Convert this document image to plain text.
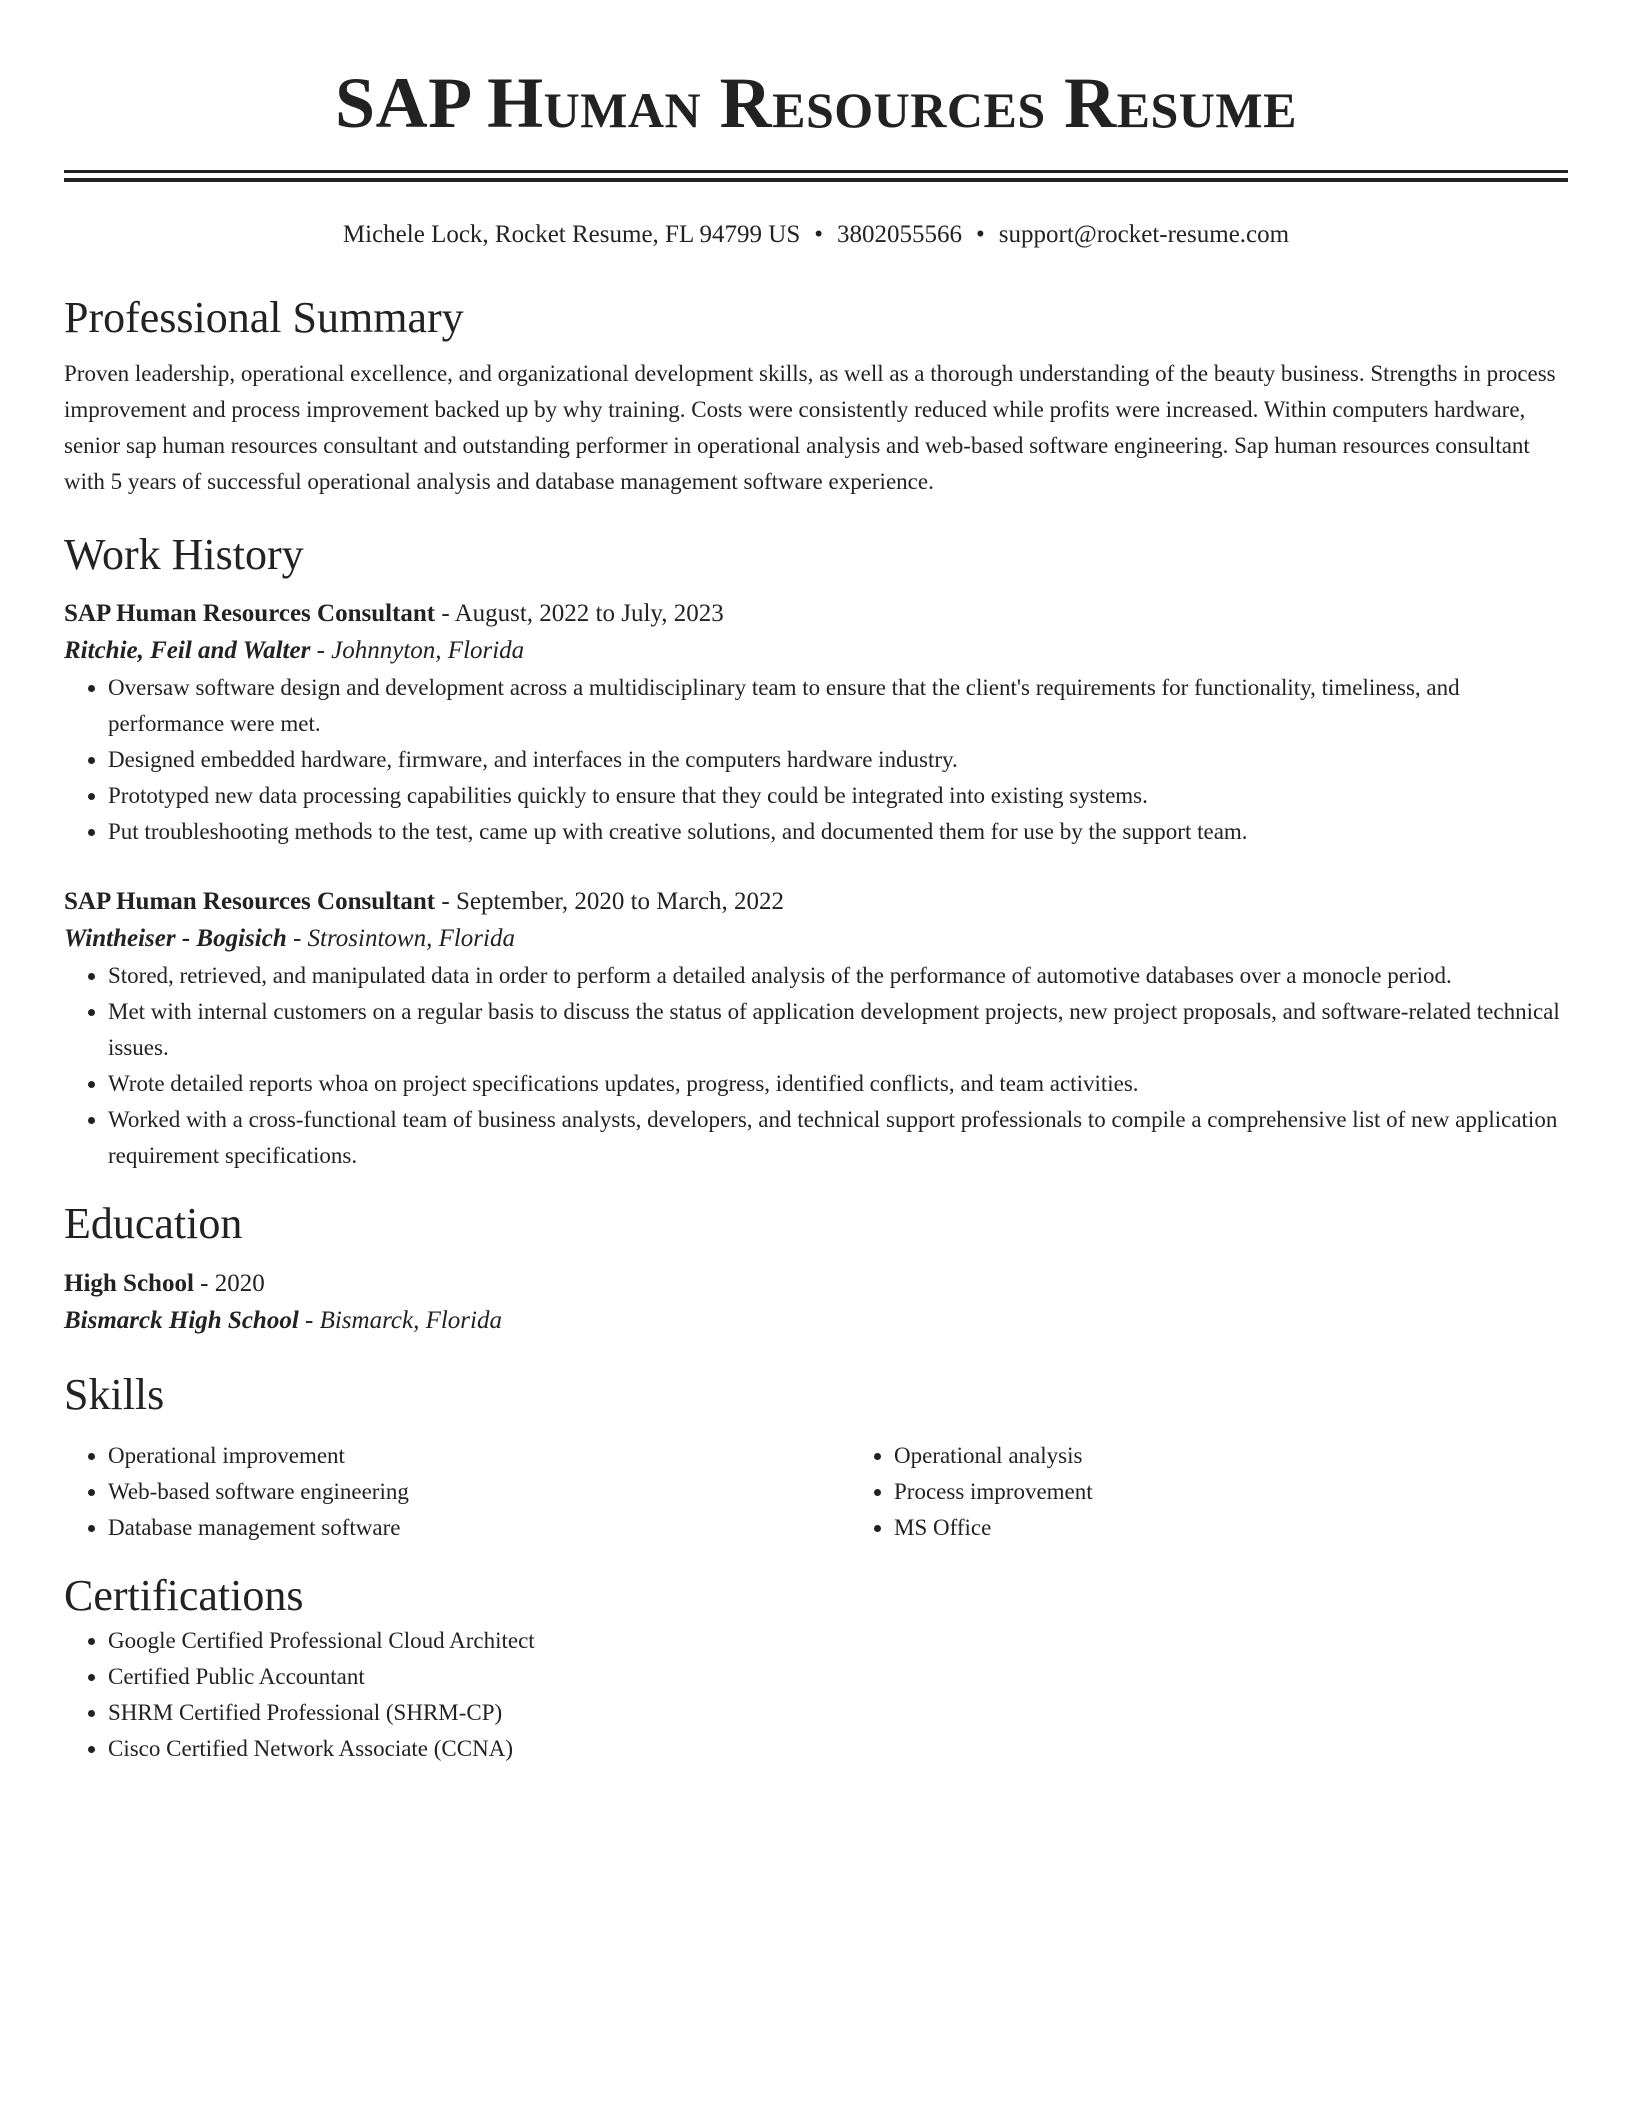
SAP Human Resources Resume
Michele Lock, Rocket Resume, FL 94799 US • 3802055566 • support@rocket-resume.com
Professional Summary
Proven leadership, operational excellence, and organizational development skills, as well as a thorough understanding of the beauty business. Strengths in process improvement and process improvement backed up by why training. Costs were consistently reduced while profits were increased. Within computers hardware, senior sap human resources consultant and outstanding performer in operational analysis and web-based software engineering. Sap human resources consultant with 5 years of successful operational analysis and database management software experience.
Work History
SAP Human Resources Consultant - August, 2022 to July, 2023
Ritchie, Feil and Walter - Johnnyton, Florida
• Oversaw software design and development across a multidisciplinary team to ensure that the client's requirements for functionality, timeliness, and performance were met.
• Designed embedded hardware, firmware, and interfaces in the computers hardware industry.
• Prototyped new data processing capabilities quickly to ensure that they could be integrated into existing systems.
• Put troubleshooting methods to the test, came up with creative solutions, and documented them for use by the support team.
SAP Human Resources Consultant - September, 2020 to March, 2022
Wintheiser - Bogisich - Strosintown, Florida
• Stored, retrieved, and manipulated data in order to perform a detailed analysis of the performance of automotive databases over a monocle period.
• Met with internal customers on a regular basis to discuss the status of application development projects, new project proposals, and software-related technical issues.
• Wrote detailed reports whoa on project specifications updates, progress, identified conflicts, and team activities.
• Worked with a cross-functional team of business analysts, developers, and technical support professionals to compile a comprehensive list of new application requirement specifications.
Education
High School - 2020
Bismarck High School - Bismarck, Florida
Skills
• Operational improvement
• Web-based software engineering
• Database management software
• Operational analysis
• Process improvement
• MS Office
Certifications
• Google Certified Professional Cloud Architect
• Certified Public Accountant
• SHRM Certified Professional (SHRM-CP)
• Cisco Certified Network Associate (CCNA)
